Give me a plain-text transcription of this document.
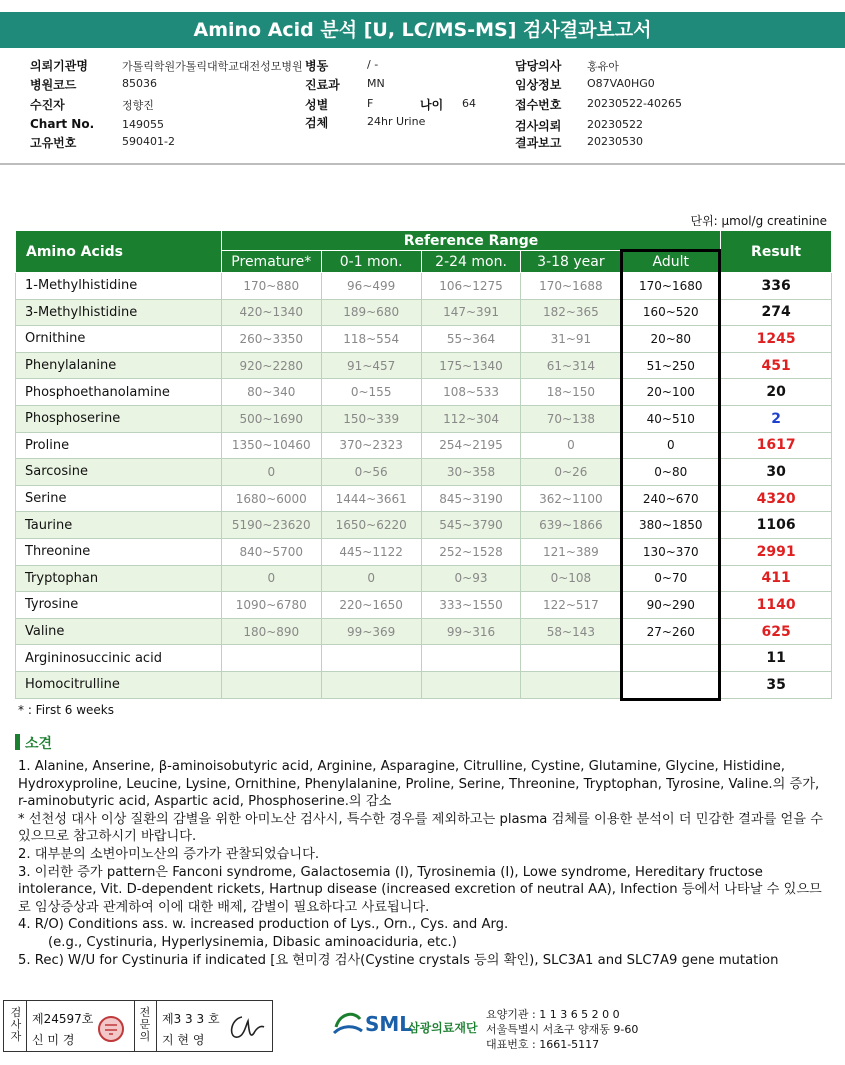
Amino Acid 분석 [U, LC/MS-MS] 검사결과보고서
의뢰기관명	가톨릭학원가톨릭대학교대전성모병원
병원코드	85036
수진자	정향진
Chart No.	149055
고유번호	590401-2
병동	/ -
진료과 MN
성별	F
검체	24hr Urine
나이 64
담당의사 홍유아
임상정보 O87VA0HG0
접수번호 20230522-40265
검사의뢰 20230522
결과보고 20230530
단위: μmol/g creatinine
Amino Acids	Reference Range					Result
	Premature*	0-1 mon.	2-24 mon.	3-18 year	Adult	
1-Methylhistidine	170~880	96~499	106~1275	170~1688	170~1680	336
3-Methylhistidine	420~1340	189~680	147~391	182~365	160~520	274
Ornithine	260~3350	118~554	55~364	31~91	20~80	1245
Phenylalanine	920~2280	91~457	175~1340	61~314	51~250	451
Phosphoethanolamine	80~340	0~155	108~533	18~150	20~100	20
Phosphoserine	500~1690	150~339	112~304	70~138	40~510	2
Proline	1350~10460	370~2323	254~2195	0	0	1617
Sarcosine	0	0~56	30~358	0~26	0~80	30
Serine	1680~6000	1444~3661	845~3190	362~1100	240~670	4320
Taurine	5190~23620	1650~6220	545~3790	639~1866	380~1850	1106
Threonine	840~5700	445~1122	252~1528	121~389	130~370	2991
Tryptophan	0	0	0~93	0~108	0~70	411
Tyrosine	1090~6780	220~1650	333~1550	122~517	90~290	1140
Valine	180~890	99~369	99~316	58~143	27~260	625
Argininosuccinic acid						11
Homocitrulline						35
* : First 6 weeks
소견

1. Alanine, Anserine, β-aminoisobutyric acid, Arginine, Asparagine, Citrulline, Cystine, Glutamine, Glycine, Histidine, Hydroxyproline, Leucine, Lysine, Ornithine, Phenylalanine, Proline, Serine, Threonine, Tryptophan, Tyrosine, Valine.의 증가, r-aminobutyric acid, Aspartic acid, Phosphoserine.의 감소

* 선천성 대사 이상 질환의 감별을 위한 아미노산 검사시, 특수한 경우를 제외하고는 plasma 검체를 이용한 분석이 더 민감한 결과를 얻을 수 있으므로 참고하시기 바랍니다.

2. 대부분의 소변아미노산의 증가가 관찰되었습니다.

3. 이러한 증가 pattern은 Fanconi syndrome, Galactosemia (I), Tyrosinemia (I), Lowe syndrome, Hereditary fructose intolerance, Vit. D-dependent rickets, Hartnup disease (increased excretion of neutral AA), Infection 등에서 나타날 수 있으므로 임상증상과 관계하여 이에 대한 배제, 감별이 필요하다고 사료됩니다.

4. R/O) Conditions ass. w. increased production of Lys., Orn., Cys. and Arg.

(e.g., Cystinuria, Hyperlysinemia, Dibasic aminoaciduria, etc.)

5. Rec) W/U for Cystinuria if indicated [요 현미경 검사(Cystine crystals 등의 확인), SLC3A1 and SLC7A9 gene mutation

검사자
제24597호
신 미 경
전문의
제3 3 3 호
지 현 영
SML
삼광의료재단
요양기관 : 1 1 3 6 5 2 0 0
서울특별시 서초구 양재동 9-60
대표번호 : 1661-5117
